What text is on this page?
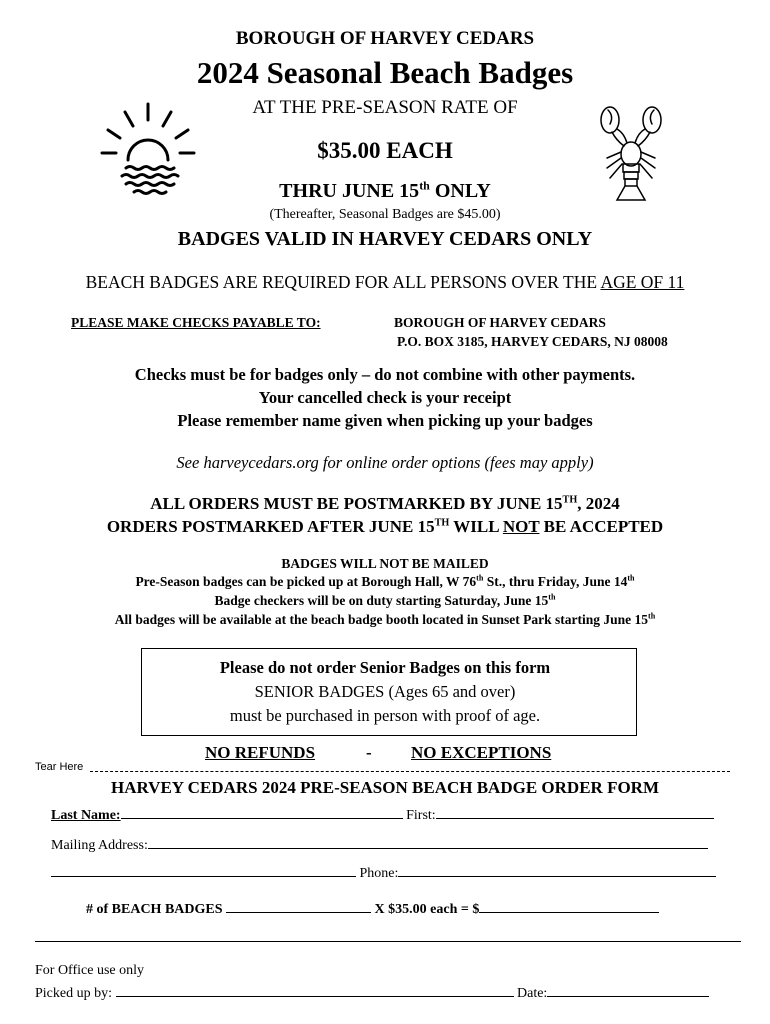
BOROUGH OF HARVEY CEDARS
2024 Seasonal Beach Badges
AT THE PRE-SEASON RATE OF
$35.00 EACH
THRU JUNE 15th ONLY
(Thereafter, Seasonal Badges are $45.00)
BADGES VALID IN HARVEY CEDARS ONLY
BEACH BADGES ARE REQUIRED FOR ALL PERSONS OVER THE AGE OF 11
PLEASE MAKE CHECKS PAYABLE TO:	BOROUGH OF HARVEY CEDARS
P.O. BOX 3185, HARVEY CEDARS, NJ 08008
Checks must be for badges only – do not combine with other payments.
Your cancelled check is your receipt
Please remember name given when picking up your badges
See harveycedars.org for online order options (fees may apply)
ALL ORDERS MUST BE POSTMARKED BY JUNE 15TH, 2024
ORDERS POSTMARKED AFTER JUNE 15TH WILL NOT BE ACCEPTED
BADGES WILL NOT BE MAILED
Pre-Season badges can be picked up at Borough Hall, W 76th St., thru Friday, June 14th
Badge checkers will be on duty starting Saturday, June 15th
All badges will be available at the beach badge booth located in Sunset Park starting June 15th
Please do not order Senior Badges on this form
SENIOR BADGES (Ages 65 and over)
must be purchased in person with proof of age.
NO REFUNDS	- NO EXCEPTIONS
Tear Here
HARVEY CEDARS 2024 PRE-SEASON BEACH BADGE ORDER FORM
Last Name:	First:
Mailing Address:
Phone:
# of BEACH BADGES	X $35.00 each = $
For Office use only
Picked up by:	Date:
